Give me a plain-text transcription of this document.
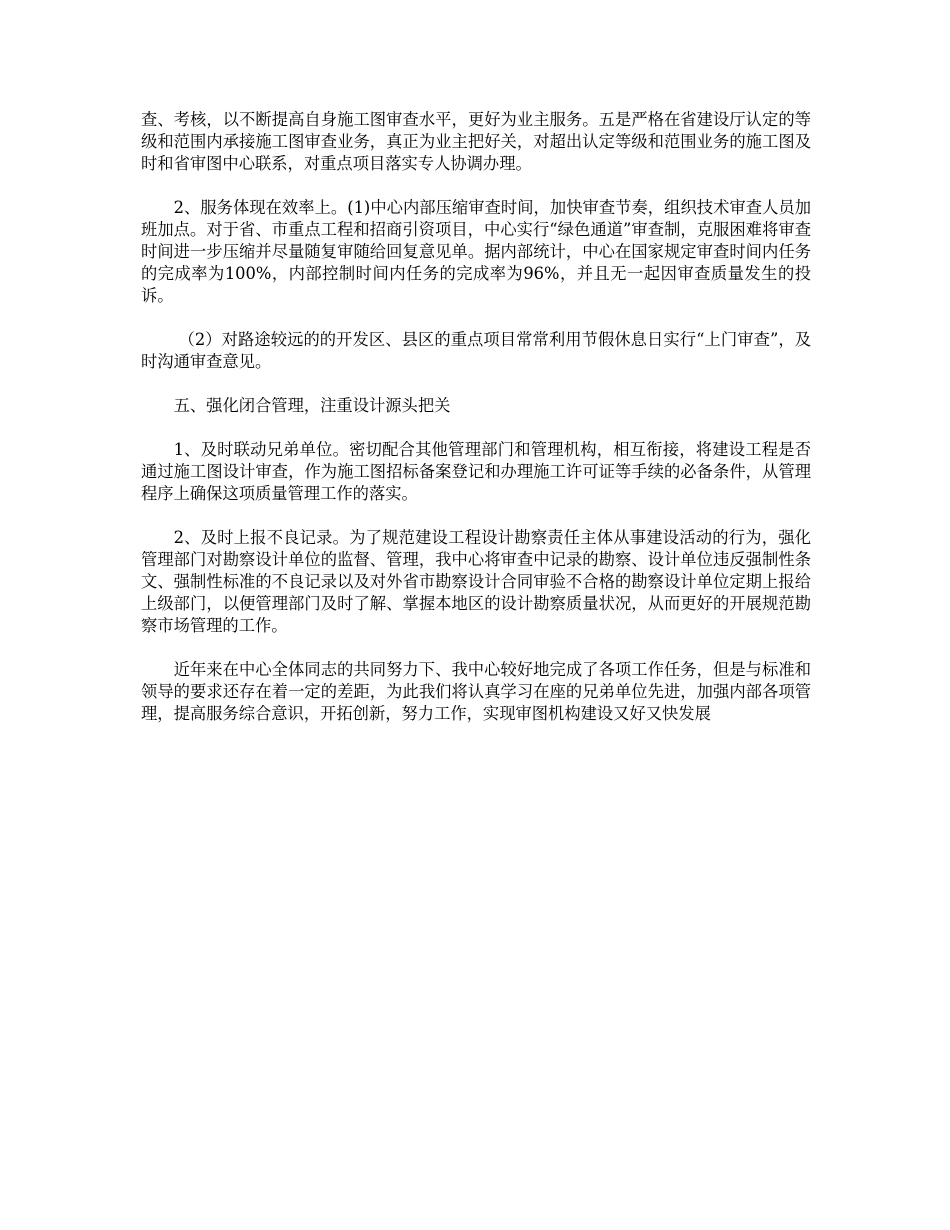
查、考核，以不断提高自身施工图审查水平，更好为业主服务。五是严格在省建设厅认定的等级和范围内承接施工图审查业务，真正为业主把好关，对超出认定等级和范围业务的施工图及时和省审图中心联系，对重点项目落实专人协调办理。

2、服务体现在效率上。(1)中心内部压缩审查时间，加快审查节奏，组织技术审查人员加班加点。对于省、市重点工程和招商引资项目，中心实行“绿色通道”审查制，克服困难将审查时间进一步压缩并尽量随复审随给回复意见单。据内部统计，中心在国家规定审查时间内任务的完成率为100%，内部控制时间内任务的完成率为96%，并且无一起因审查质量发生的投诉。

（2）对路途较远的的开发区、县区的重点项目常常利用节假休息日实行“上门审查”，及时沟通审查意见。

五、强化闭合管理，注重设计源头把关

1、及时联动兄弟单位。密切配合其他管理部门和管理机构，相互衔接，将建设工程是否通过施工图设计审查，作为施工图招标备案登记和办理施工许可证等手续的必备条件，从管理程序上确保这项质量管理工作的落实。

2、及时上报不良记录。为了规范建设工程设计勘察责任主体从事建设活动的行为，强化管理部门对勘察设计单位的监督、管理，我中心将审查中记录的勘察、设计单位违反强制性条文、强制性标准的不良记录以及对外省市勘察设计合同审验不合格的勘察设计单位定期上报给上级部门，以便管理部门及时了解、掌握本地区的设计勘察质量状况，从而更好的开展规范勘察市场管理的工作。

近年来在中心全体同志的共同努力下、我中心较好地完成了各项工作任务，但是与标准和领导的要求还存在着一定的差距，为此我们将认真学习在座的兄弟单位先进，加强内部各项管理，提高服务综合意识，开拓创新，努力工作，实现审图机构建设又好又快发展
